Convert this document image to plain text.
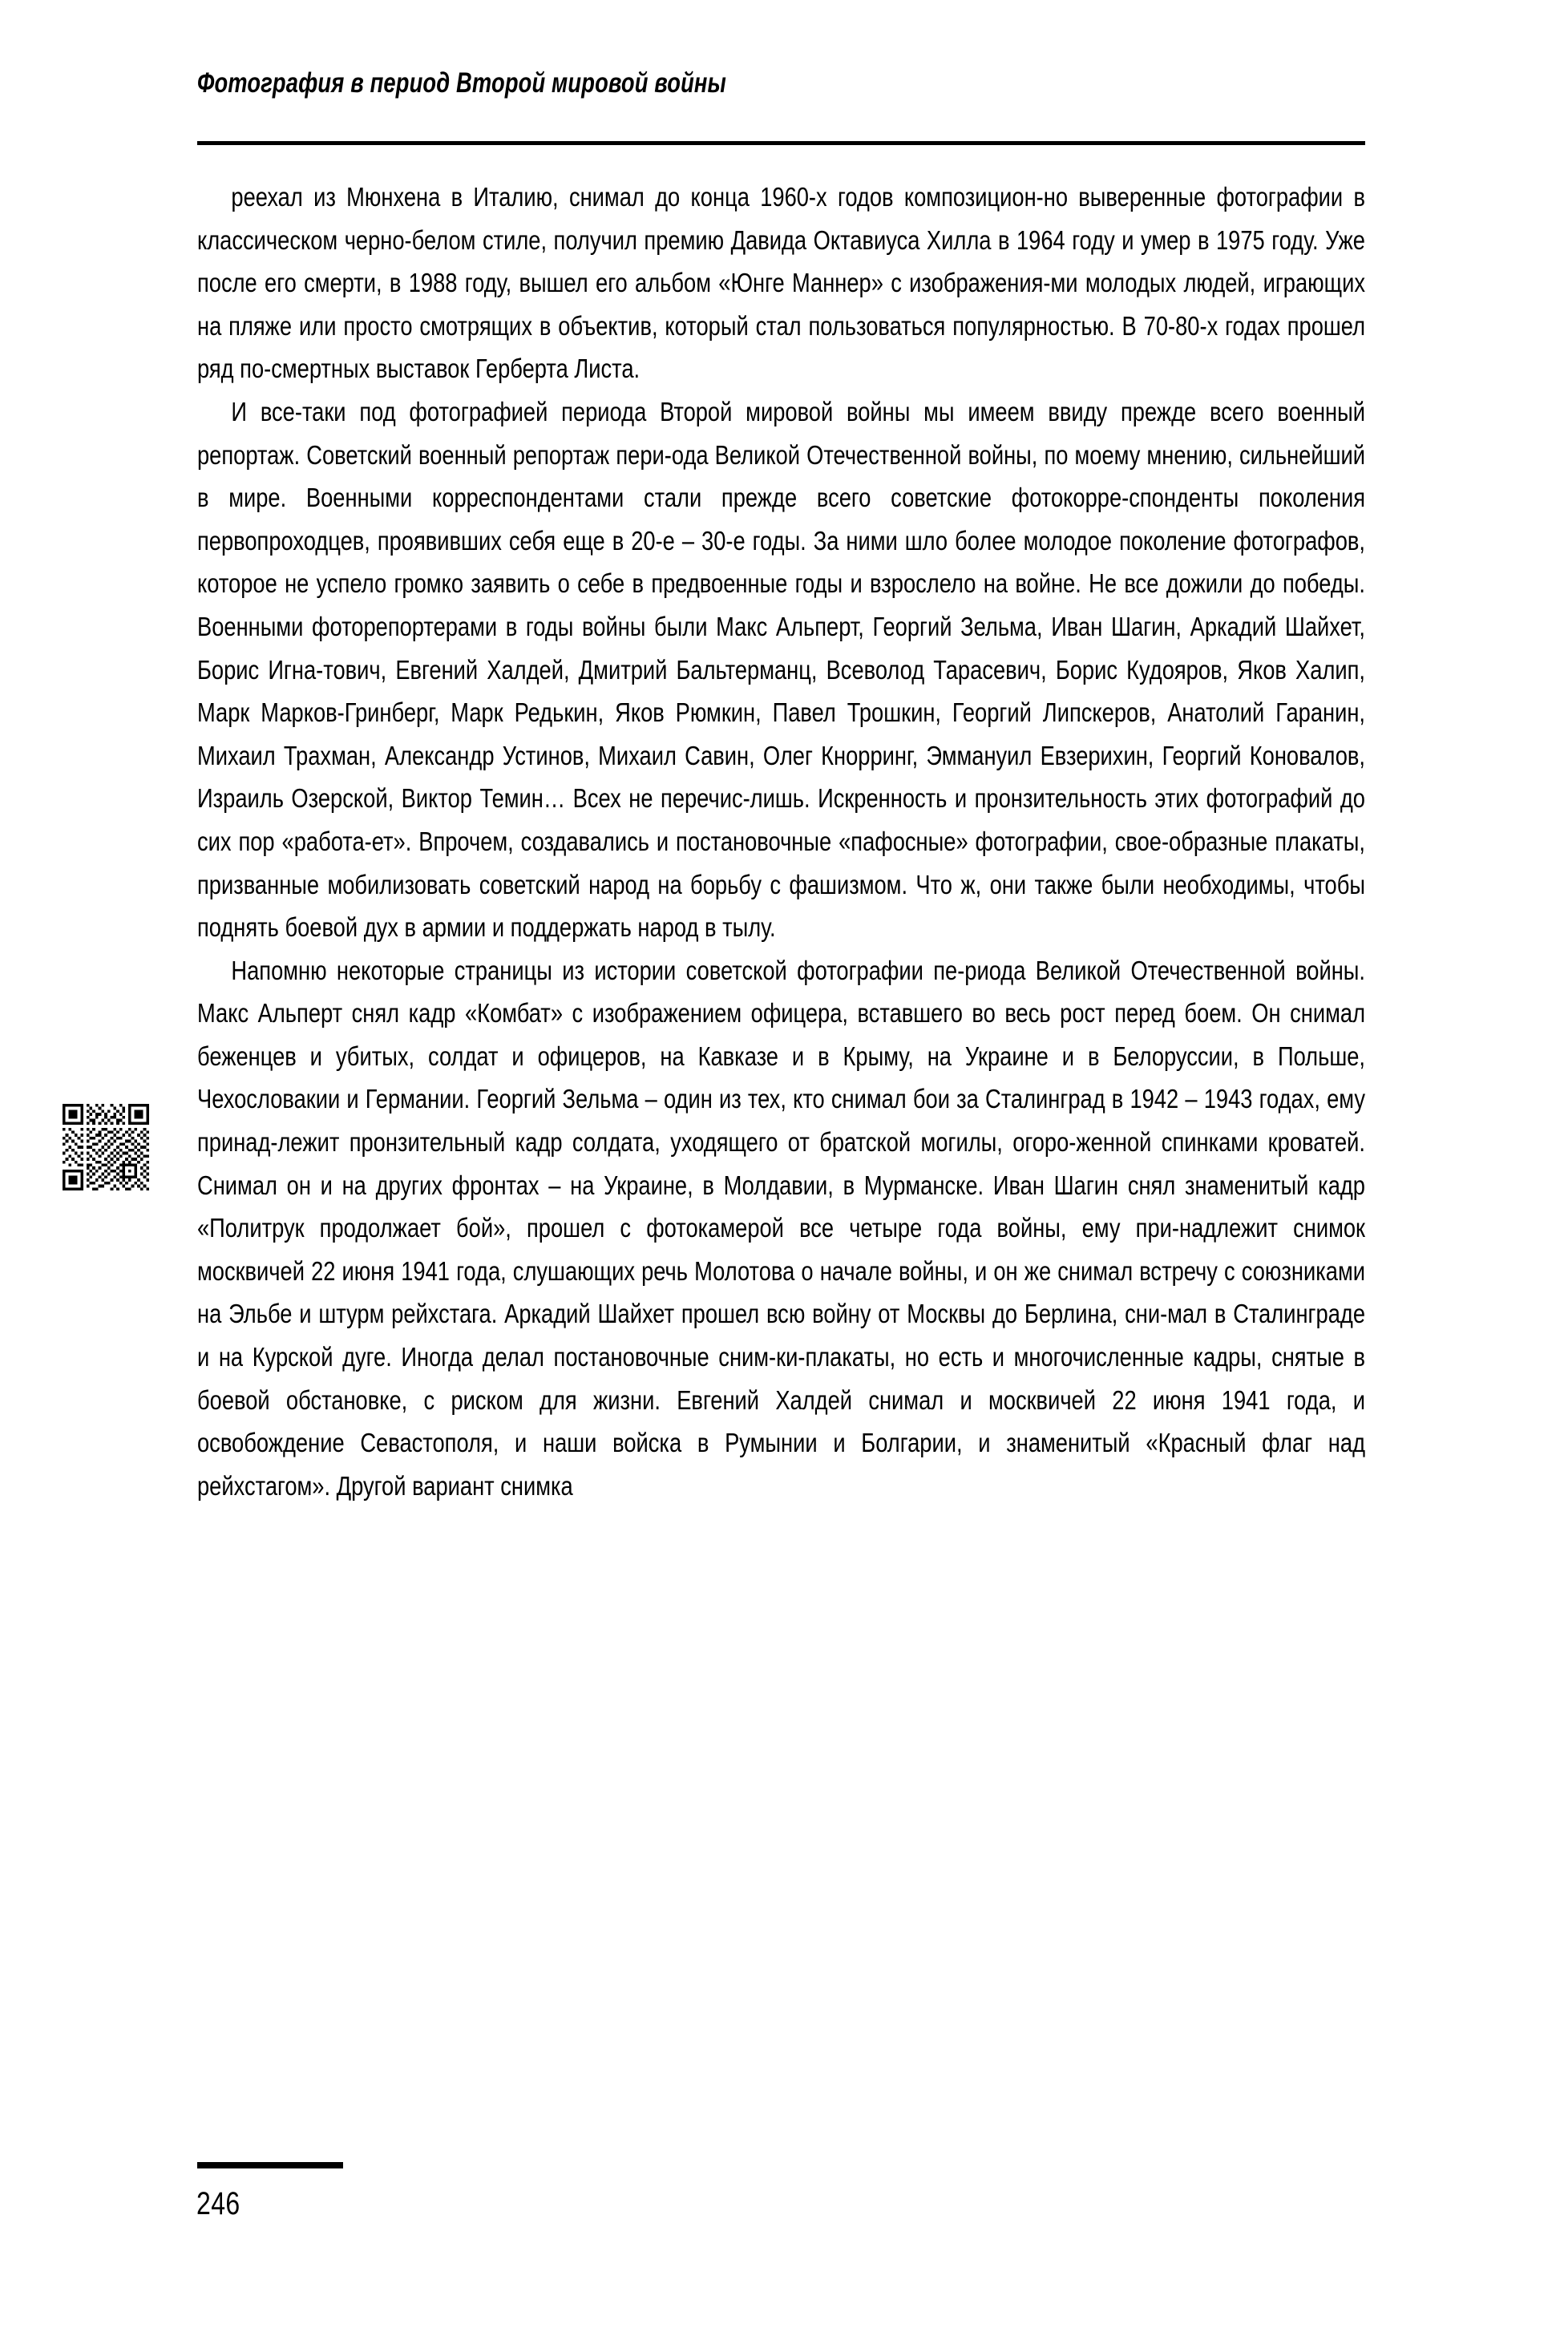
Фотография в период Второй мировой войны

реехал из Мюнхена в Италию, снимал до конца 1960-х годов композицион-но выверенные фотографии в классическом черно-белом стиле, получил премию Давида Октавиуса Хилла в 1964 году и умер в 1975 году. Уже после его смерти, в 1988 году, вышел его альбом «Юнге Маннер» с изображения-ми молодых людей, играющих на пляже или просто смотрящих в объектив, который стал пользоваться популярностью. В 70-80-х годах прошел ряд по-смертных выставок Герберта Листа.

И все-таки под фотографией периода Второй мировой войны мы имеем ввиду прежде всего военный репортаж. Советский военный репортаж пери-ода Великой Отечественной войны, по моему мнению, сильнейший в мире. Военными корреспондентами стали прежде всего советские фотокорре-спонденты поколения первопроходцев, проявивших себя еще в 20-е – 30-е годы. За ними шло более молодое поколение фотографов, которое не успело громко заявить о себе в предвоенные годы и взрослело на войне. Не все дожили до победы. Военными фоторепортерами в годы войны были Макс Альперт, Георгий Зельма, Иван Шагин, Аркадий Шайхет, Борис Игна-тович, Евгений Халдей, Дмитрий Бальтерманц, Всеволод Тарасевич, Борис Кудояров, Яков Халип, Марк Марков-Гринберг, Марк Редькин, Яков Рюмкин, Павел Трошкин, Георгий Липскеров, Анатолий Гаранин, Михаил Трахман, Александр Устинов, Михаил Савин, Олег Кнорринг, Эммануил Евзерихин, Георгий Коновалов, Израиль Озерской, Виктор Темин… Всех не перечис-лишь. Искренность и пронзительность этих фотографий до сих пор «работа-ет». Впрочем, создавались и постановочные «пафосные» фотографии, свое-образные плакаты, призванные мобилизовать советский народ на борьбу с фашизмом. Что ж, они также были необходимы, чтобы поднять боевой дух в армии и поддержать народ в тылу.

Напомню некоторые страницы из истории советской фотографии пе-риода Великой Отечественной войны. Макс Альперт снял кадр «Комбат» с изображением офицера, вставшего во весь рост перед боем. Он снимал беженцев и убитых, солдат и офицеров, на Кавказе и в Крыму, на Украине и в Белоруссии, в Польше, Чехословакии и Германии. Георгий Зельма – один из тех, кто снимал бои за Сталинград в 1942 – 1943 годах, ему принад-лежит пронзительный кадр солдата, уходящего от братской могилы, огоро-женной спинками кроватей. Снимал он и на других фронтах – на Украине, в Молдавии, в Мурманске. Иван Шагин снял знаменитый кадр «Политрук продолжает бой», прошел с фотокамерой все четыре года войны, ему при-надлежит снимок москвичей 22 июня 1941 года, слушающих речь Молотова о начале войны, и он же снимал встречу с союзниками на Эльбе и штурм рейхстага. Аркадий Шайхет прошел всю войну от Москвы до Берлина, сни-мал в Сталинграде и на Курской дуге. Иногда делал постановочные сним-ки-плакаты, но есть и многочисленные кадры, снятые в боевой обстановке, с риском для жизни. Евгений Халдей снимал и москвичей 22 июня 1941 года, и освобождение Севастополя, и наши войска в Румынии и Болгарии, и знаменитый «Красный флаг над рейхстагом». Другой вариант снимка

246
